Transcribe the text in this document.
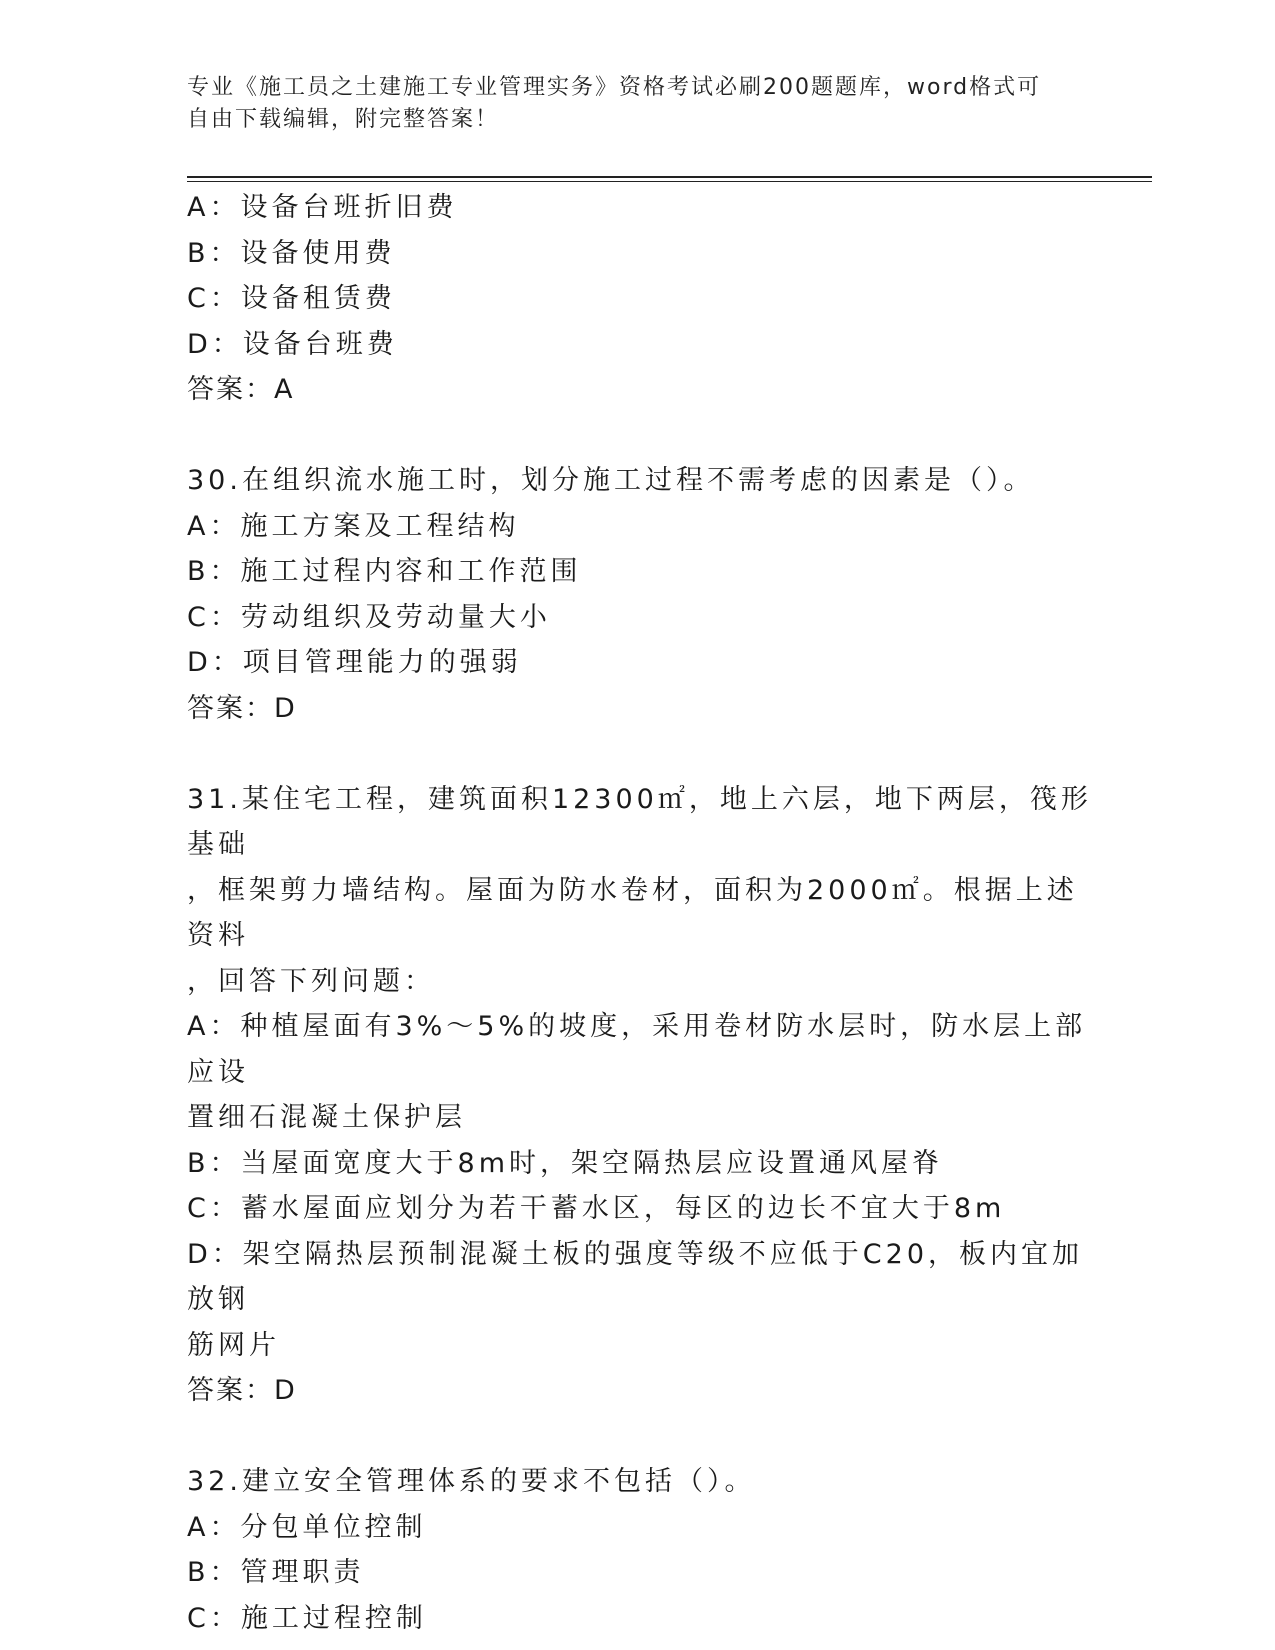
专业《施工员之土建施工专业管理实务》资格考试必刷200题题库，word格式可
自由下载编辑，附完整答案！
A：设备台班折旧费
B：设备使用费
C：设备租赁费
D：设备台班费
答案：A
30.在组织流水施工时，划分施工过程不需考虑的因素是（）。
A：施工方案及工程结构
B：施工过程内容和工作范围
C：劳动组织及劳动量大小
D：项目管理能力的强弱
答案：D
31.某住宅工程，建筑面积12300㎡，地上六层，地下两层，筏形基础
，框架剪力墙结构。屋面为防水卷材，面积为2000㎡。根据上述资料
，回答下列问题：
A：种植屋面有3%～5%的坡度，采用卷材防水层时，防水层上部应设
置细石混凝土保护层
B：当屋面宽度大于8m时，架空隔热层应设置通风屋脊
C：蓄水屋面应划分为若干蓄水区，每区的边长不宜大于8m
D：架空隔热层预制混凝土板的强度等级不应低于C20，板内宜加放钢
筋网片
答案：D
32.建立安全管理体系的要求不包括（）。
A：分包单位控制
B：管理职责
C：施工过程控制
